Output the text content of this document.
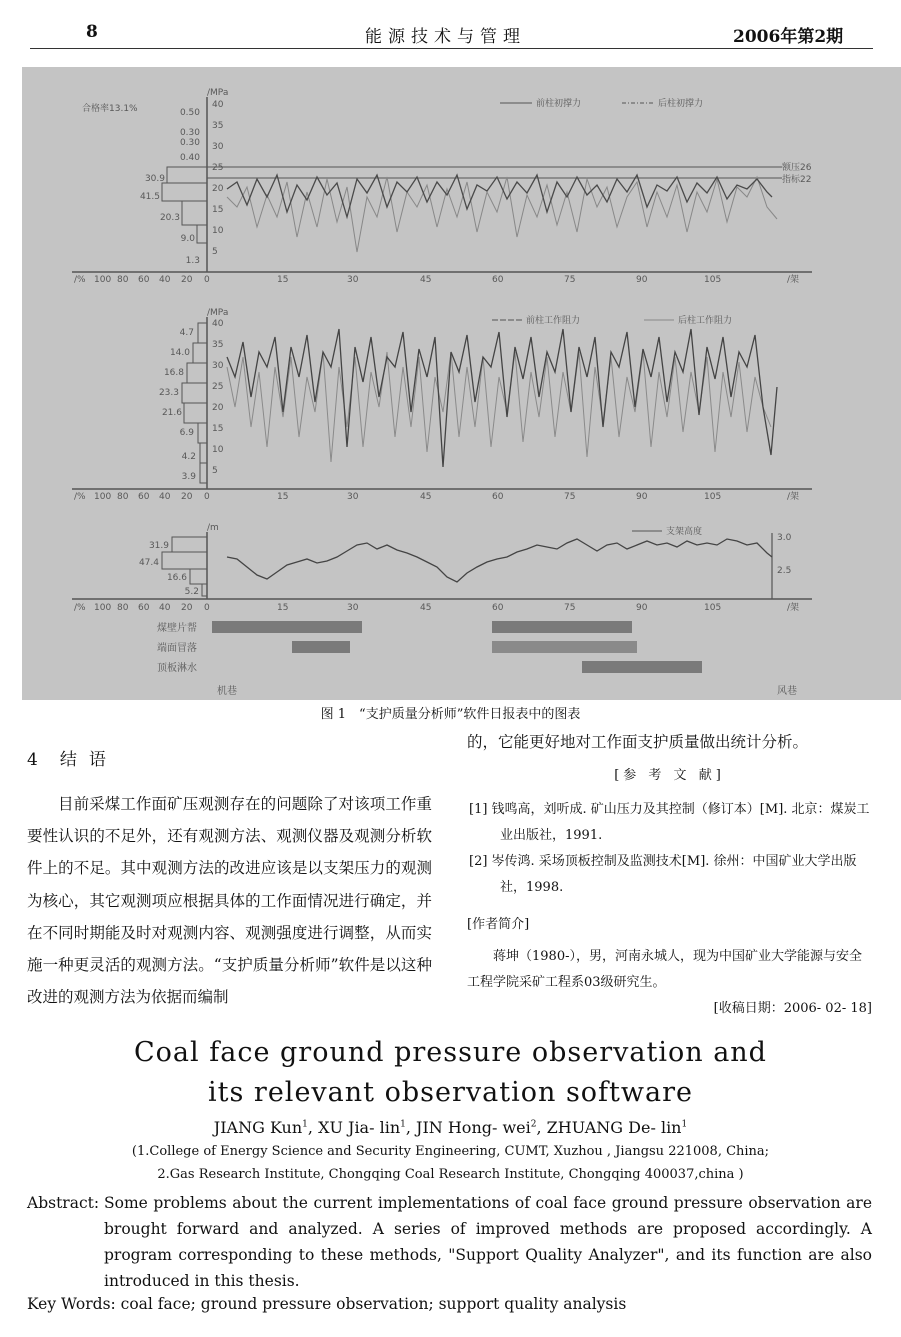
8	能源技术与管理	2006年第2期
合格率13.1%
/MPa
40
35
30
25
20
15
10
5
0.50
0.30
0.30
0.40
30.9
41.5
20.3
9.0
1.3
额压26
指标22
前柱初撑力	后柱初撑力
/% 100 80 60 40 20 0	15	30	45	60	75	90	105	/架
/MPa
40
35
30
25
20
15
10
5
4.7
14.0
16.8
23.3
21.6
6.9
4.2
3.9
前柱工作阻力	后柱工作阻力
/% 100 80 60 40 20 0	15	30	45	60	75	90	105	/架
/m
31.9
47.4
16.6
5.2
3.0
2.5
支架高度
/% 100 80 60 40 20 0	15	30	45	60	75	90	105	/架
煤壁片帮
端面冒落
顶板淋水
机巷	风巷
图 1　“支护质量分析师”软件日报表中的图表
4 结语

目前采煤工作面矿压观测存在的问题除了对该项工作重要性认识的不足外，还有观测方法、观测仪器及观测分析软件上的不足。其中观测方法的改进应该是以支架压力的观测为核心，其它观测项应根据具体的工作面情况进行确定，并在不同时期能及时对观测内容、观测强度进行调整，从而实施一种更灵活的观测方法。“支护质量分析师”软件是以这种改进的观测方法为依据而编制

的，它能更好地对工作面支护质量做出统计分析。

[参 考 文 献]

[1] 钱鸣高，刘听成. 矿山压力及其控制（修订本）[M]. 北京：煤炭工业出版社，1991.

[2] 岑传鸿. 采场顶板控制及监测技术[M]. 徐州：中国矿业大学出版社，1998.

[作者简介]

蒋坤（1980-），男，河南永城人，现为中国矿业大学能源与安全工程学院采矿工程系03级研究生。

[收稿日期：2006- 02- 18]

Coal face ground pressure observation and
its relevant observation software
JIANG Kun$^1$, XU Jia- lin$^1$, JIN Hong- wei$^2$, ZHUANG De- lin$^1$
(1.College of Energy Science and Security Engineering, CUMT, Xuzhou , Jiangsu 221008, China;
2.Gas Research Institute, Chongqing Coal Research Institute, Chongqing 400037,china )
Abstract: Some problems about the current implementations of coal face ground pressure observation are brought forward and analyzed. A series of improved methods are proposed accordingly. A program corresponding to these methods, "Support Quality Analyzer", and its function are also introduced in this thesis.
Key Words: coal face; ground pressure observation; support quality analysis
